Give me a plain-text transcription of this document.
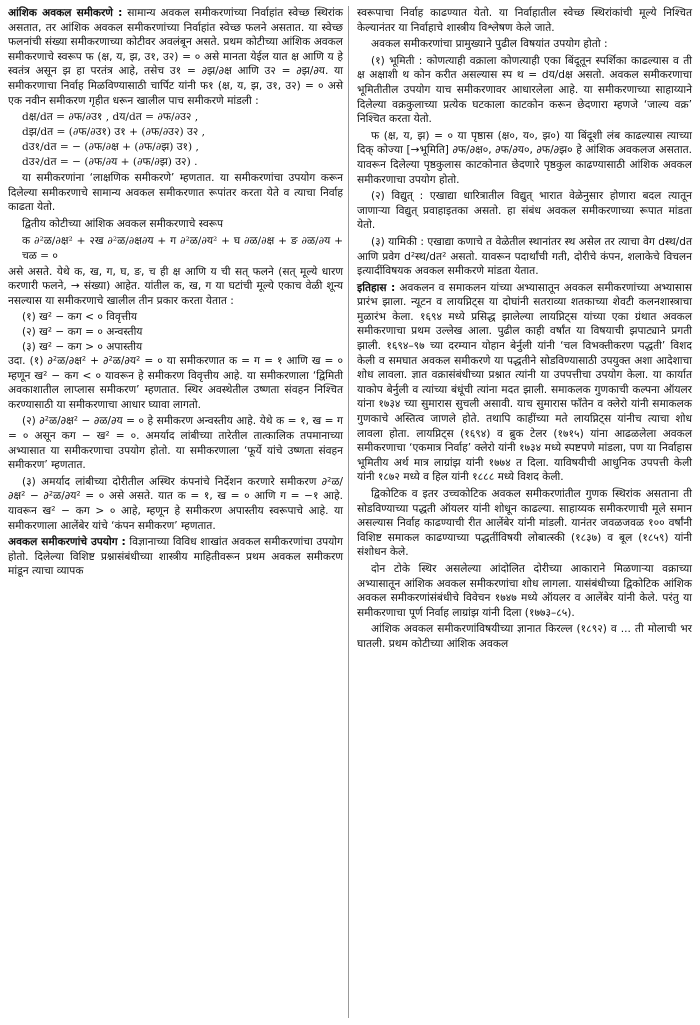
आंशिक अवकल समीकरणे : सामान्य अवकल समीकरणांच्या निर्वाहांत स्वेच्छ स्थिरांक असतात, तर आंशिक अवकल समीकरणांच्या निर्वाहांत स्वेच्छ फलने असतात. या स्वेच्छ फलनांची संख्या समीकरणाच्या कोटीवर अवलंबून असते. प्रथम कोटीच्या आंशिक अवकल समीकरणाचे स्वरूप फ (क्ष, य, झ, उ१, उ२) = ० असे मानता येईल यात क्ष आणि य हे स्वतंत्र असून झ हा परतंत्र आहे, तसेच उ१ = ∂झ/∂क्ष आणि उ२ = ∂झ/∂य. या समीकरणाचा निर्वाह मिळविण्यासाठी चार्पिट यांनी फ१ (क्ष, य, झ, उ१, उ२) = ० असे एक नवीन समीकरण गृहीत धरून खालील पाच समीकरणे मांडली :

dक्ष/dत = ∂फ/∂उ१ , dय/dत = ∂फ/∂उ२ ,
dझ/dत = (∂फ/∂उ१) उ१ + (∂फ/∂उ२) उ२ ,
dउ१/dत = − (∂फ/∂क्ष + (∂फ/∂झ) उ१) ,
dउ२/dत = − (∂फ/∂य + (∂फ/∂झ) उ२) .

या समीकरणांना ‘लाक्षणिक समीकरणे’ म्हणतात. या समीकरणांचा उपयोग करून दिलेल्या समीकरणाचे सामान्य अवकल समीकरणात रूपांतर करता येते व त्याचा निर्वाह काढता येतो.

द्वितीय कोटीच्या आंशिक अवकल समीकरणाचे स्वरूप

क ∂²ळ/∂क्ष² + २ख ∂²ळ/∂क्ष∂य + ग ∂²ळ/∂य² + घ ∂ळ/∂क्ष + ङ ∂ळ/∂य + चळ = ०

असे असते. येथे क, ख, ग, घ, ङ, च ही क्ष आणि य ची सत् फलने (सत् मूल्ये धारण करणारी फलने, → संख्या) आहेत. यांतील क, ख, ग या घटांची मूल्ये एकाच वेळी शून्य नसल्यास या समीकरणाचे खालील तीन प्रकार करता येतात :

(१) ख² − कग < ० विवृत्तीय
(२) ख² − कग = ० अन्वस्तीय
(३) ख² − कग > ० अपास्तीय

उदा. (१) ∂²ळ/∂क्ष² + ∂²ळ/∂य² = ० या समीकरणात क = ग = १ आणि ख = ० म्हणून ख² − कग < ० यावरून हे समीकरण विवृत्तीय आहे. या समीकरणाला ‘द्विमिती अवकाशातील लाप्लास समीकरण’ म्हणतात. स्थिर अवस्थेतील उष्णता संवहन निश्चित करण्यासाठी या समीकरणाचा आधार घ्यावा लागतो.

(२) ∂²ळ/∂क्ष² − ∂ळ/∂य = ० हे समीकरण अन्वस्तीय आहे. येथे क = १, ख = ग = ० असून कग − ख² = ०. अमर्याद लांबीच्या तारेतील तात्कालिक तपमानाच्या अभ्यासात या समीकरणाचा उपयोग होतो. या समीकरणाला ‘फूर्ये यांचे उष्णता संवहन समीकरण’ म्हणतात.

(३) अमर्याद लांबीच्या दोरीतील अस्थिर कंपनांचे निर्देशन करणारे समीकरण ∂²ळ/∂क्ष² − ∂²ळ/∂य² = ० असे असते. यात क = १, ख = ० आणि ग = −१ आहे. यावरून ख² − कग > ० आहे, म्हणून हे समीकरण अपास्तीय स्वरूपाचे आहे. या समीकरणाला आलेंबेर यांचे ‘कंपन समीकरण’ म्हणतात.

अवकल समीकरणांचे उपयोग : विज्ञानाच्या विविध शाखांत अवकल समीकरणांचा उपयोग होतो. दिलेल्या विशिष्ट प्रश्नासंबंधीच्या शास्त्रीय माहितीवरून प्रथम अवकल समीकरण मांडून त्याचा व्यापक

स्वरूपाचा निर्वाह काढण्यात येतो. या निर्वाहातील स्वेच्छ स्थिरांकांची मूल्ये निश्चित केल्यानंतर या निर्वाहाचे शास्त्रीय विश्लेषण केले जाते.

अवकल समीकरणांचा प्रामुख्याने पुढील विषयांत उपयोग होतो :

(१) भूमिती : कोणत्याही वक्राला कोणत्याही एका बिंदूतून स्पर्शिका काढल्यास व ती क्ष अक्षाशी थ कोन करीत असल्यास स्प थ = dय/dक्ष असतो. अवकल समीकरणाचा भूमितीतील उपयोग याच समीकरणावर आधारलेला आहे. या समीकरणाच्या साहाय्याने दिलेल्या वक्रकुलाच्या प्रत्येक घटकाला काटकोन करून छेदणारा म्हणजे ‘जाल्य वक्र’ निश्चित करता येतो.

फ (क्ष, य, झ) = ० या पृष्ठास (क्ष०, य०, झ०) या बिंदूशी लंब काढल्यास त्याच्या दिक् कोज्या [→भूमिति] ∂फ/∂क्ष०, ∂फ/∂य०, ∂फ/∂झ० हे आंशिक अवकलज असतात. यावरून दिलेल्या पृष्ठकुलास काटकोनात छेदणारे पृष्ठकुल काढण्यासाठी आंशिक अवकल समीकरणाचा उपयोग होतो.

(२) विद्युत् : एखाद्या धारित्रातील विद्युत् भारात वेळेनुसार होणारा बदल त्यातून जाणाऱ्या विद्युत् प्रवाहाइतका असतो. हा संबंध अवकल समीकरणाच्या रूपात मांडता येतो.

(३) यामिकी : एखाद्या कणाचे त वेळेतील स्थानांतर स्थ असेल तर त्याचा वेग dस्थ/dत आणि प्रवेग d²स्थ/dत² असतो. यावरून पदार्थांची गती, दोरीचे कंपन, शलाकेचे विचलन इत्यादींविषयक अवकल समीकरणे मांडता येतात.

इतिहास : अवकलन व समाकलन यांच्या अभ्यासातून अवकल समीकरणांच्या अभ्यासास प्रारंभ झाला. न्यूटन व लायप्निट्स या दोघांनी सतराव्या शतकाच्या शेवटी कलनशास्त्राचा मुळारंभ केला. १६९४ मध्ये प्रसिद्ध झालेल्या लायप्निट्स यांच्या एका ग्रंथात अवकल समीकरणाचा प्रथम उल्लेख आला. पुढील काही वर्षांत या विषयाची झपाट्याने प्रगती झाली. १६९४–९७ च्या दरम्यान योहान बेर्नुली यांनी ‘चल विभक्तीकरण पद्धती’ विशद केली व समघात अवकल समीकरणे या पद्धतीने सोडविण्यासाठी उपयुक्त अशा आदेशाचा शोध लावला. ज्ञात वक्रासंबंधीच्या प्रश्नात त्यांनी या उपपत्तीचा उपयोग केला. या कार्यात याकोप बेर्नुली व त्यांच्या बंधूंची त्यांना मदत झाली. समाकलक गुणकाची कल्पना ऑयलर यांना १७३४ च्या सुमारास सुचली असावी. याच सुमारास फाँतेन व क्लेरो यांनी समाकलक गुणकाचे अस्तित्व जाणले होते. तथापि काहींच्या मते लायप्निट्स यांनीच त्याचा शोध लावला होता. लायप्निट्स (१६९४) व ब्रुक टेलर (१७१५) यांना आढळलेला अवकल समीकरणाचा ‘एकमात्र निर्वाह’ क्लेरो यांनी १७३४ मध्ये स्पष्टपणे मांडला, पण या निर्वाहास भूमितीय अर्थ मात्र लाग्रांझ यांनी १७७४ त दिला. याविषयीची आधुनिक उपपत्ती केली यांनी १८७२ मध्ये व हिल यांनी १८८८ मध्ये विशद केली.

द्विकोटिक व इतर उच्चकोटिक अवकल समीकरणांतील गुणक स्थिरांक असताना ती सोडविण्याच्या पद्धती ऑयलर यांनी शोधून काढल्या. साहाय्यक समीकरणाची मूले समान असल्यास निर्वाह काढण्याची रीत आलेंबेर यांनी मांडली. यानंतर जवळजवळ १०० वर्षांनी विशिष्ट समाकल काढण्याच्या पद्धतींविषयी लोबात्स्की (१८३७) व बूल (१८५९) यांनी संशोधन केले.

दोन टोके स्थिर असलेल्या आंदोलित दोरीच्या आकाराने मिळणाऱ्या वक्राच्या अभ्यासातून आंशिक अवकल समीकरणांचा शोध लागला. यासंबंधीच्या द्विकोटिक आंशिक अवकल समीकरणांसंबंधीचे विवेचन १७४७ मध्ये ऑयलर व आलेंबेर यांनी केले. परंतु या समीकरणाचा पूर्ण निर्वाह लाग्रांझ यांनी दिला (१७७३–८५).

आंशिक अवकल समीकरणांविषयीच्या ज्ञानात किरल्ल (१८९२) व ... ती मोलाची भर घातली. प्रथम कोटीच्या आंशिक अवकल
